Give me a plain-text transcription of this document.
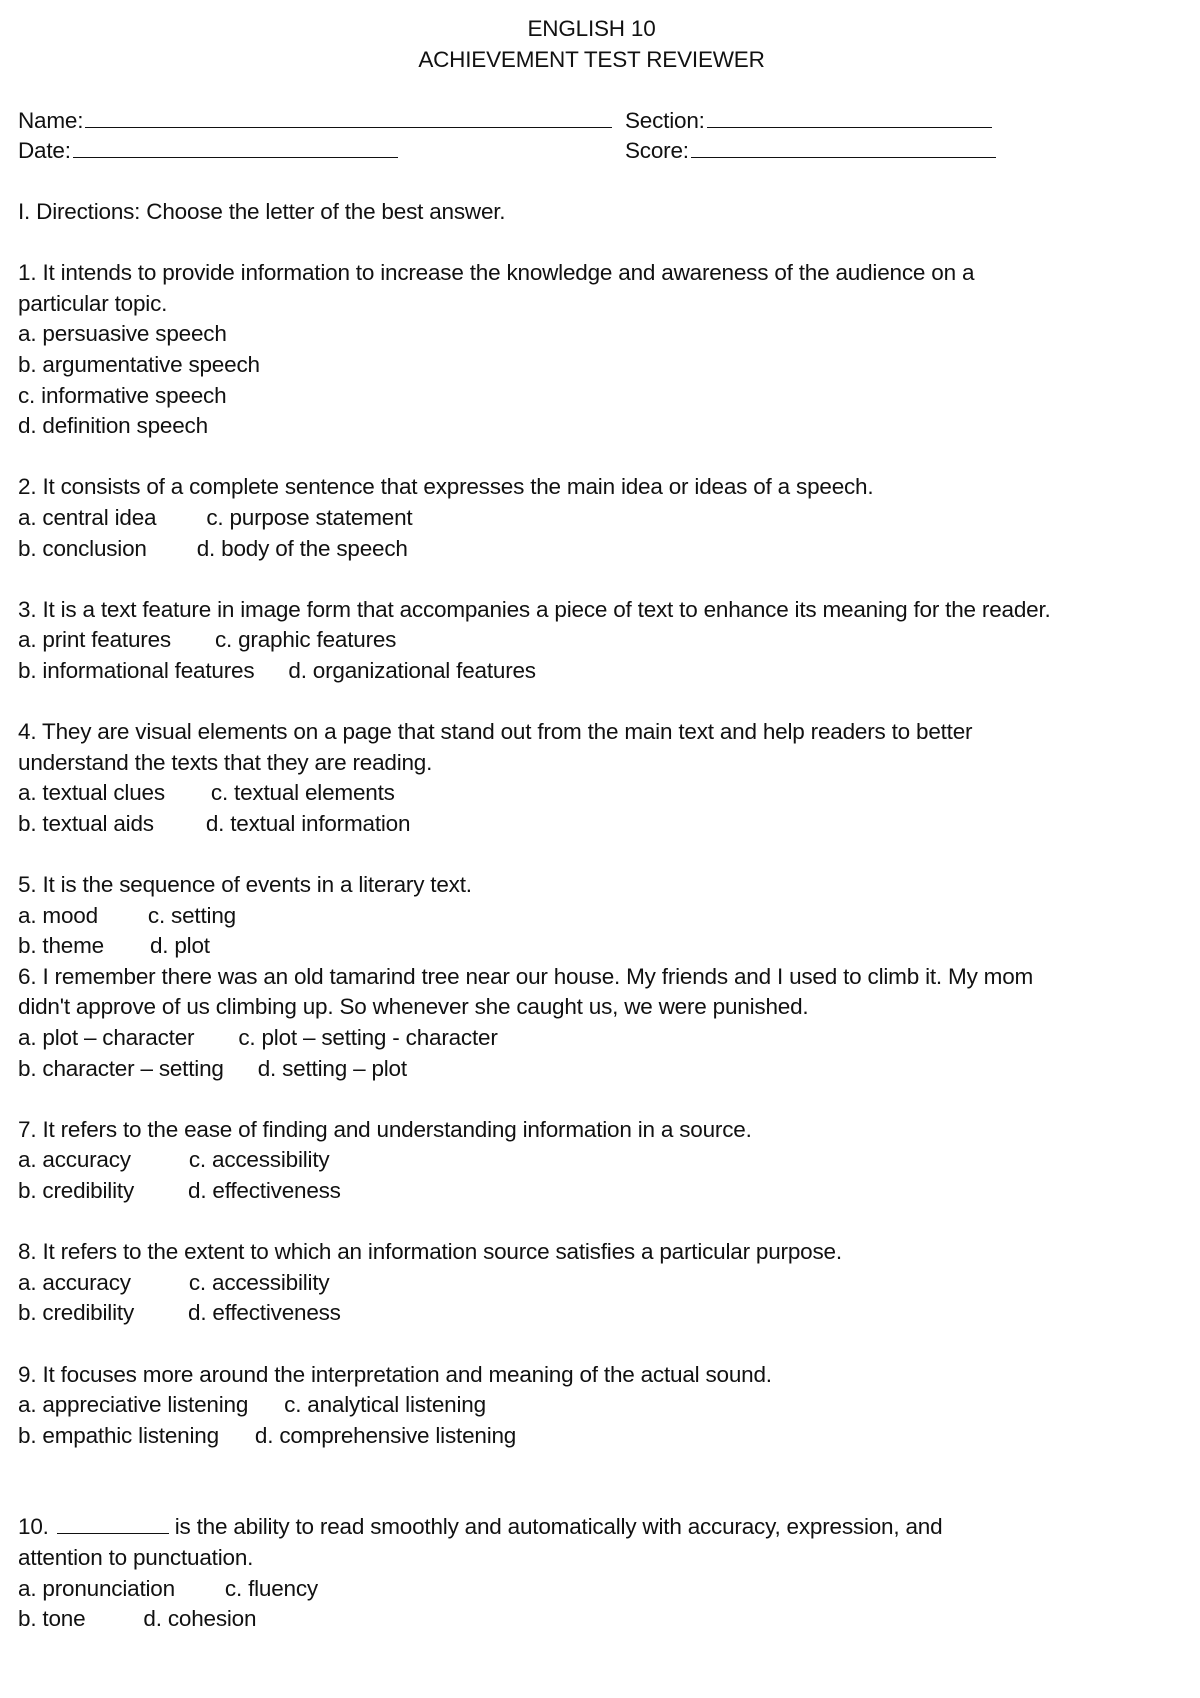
ENGLISH 10
ACHIEVEMENT TEST REVIEWER
Name:	Section:
Date:	Score:
I. Directions: Choose the letter of the best answer.
1. It intends to provide information to increase the knowledge and awareness of the audience on a particular topic.
a. persuasive speech
b. argumentative speech
c. informative speech
d. definition speech
2. It consists of a complete sentence that expresses the main idea or ideas of a speech.
a. central idea c. purpose statement
b. conclusion d. body of the speech
3. It is a text feature in image form that accompanies a piece of text to enhance its meaning for the reader.
a. print features c. graphic features
b. informational features d. organizational features
4. They are visual elements on a page that stand out from the main text and help readers to better understand the texts that they are reading.
a. textual clues c. textual elements
b. textual aids d. textual information
5. It is the sequence of events in a literary text.
a. mood c. setting
b. theme d. plot
6. I remember there was an old tamarind tree near our house. My friends and I used to climb it. My mom didn't approve of us climbing up. So whenever she caught us, we were punished.
a. plot – character c. plot – setting - character
b. character – setting d. setting – plot
7. It refers to the ease of finding and understanding information in a source.
a. accuracy	c. accessibility
b. credibility d. effectiveness
8. It refers to the extent to which an information source satisfies a particular purpose.
a. accuracy	c. accessibility
b. credibility d. effectiveness
9. It focuses more around the interpretation and meaning of the actual sound.
a. appreciative listening c. analytical listening
b. empathic listening d. comprehensive listening
10.	is the ability to read smoothly and automatically with accuracy, expression, and attention to punctuation.
a. pronunciation c. fluency
b. tone	d. cohesion
